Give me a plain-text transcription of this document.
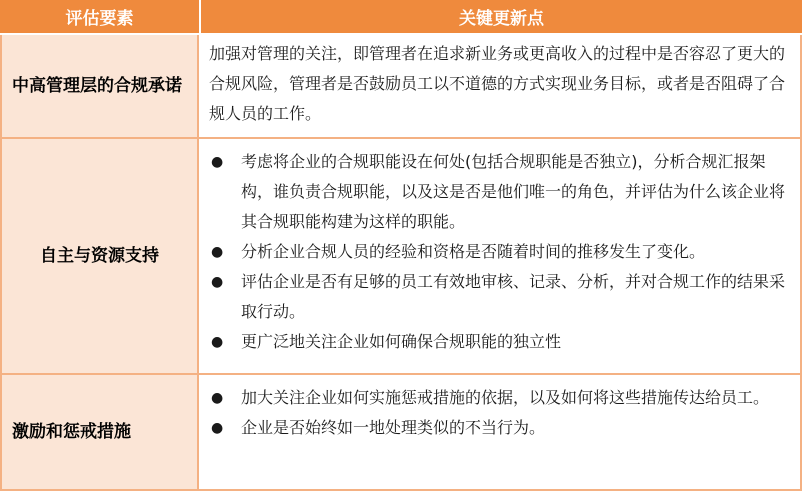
评估要素	关键更新点
中高管理层的合规承诺
加强对管理的关注，即管理者在追求新业务或更高收入的过程中是否容忍了更大的合规风险，管理者是否鼓励员工以不道德的方式实现业务目标，或者是否阻碍了合规人员的工作。
自主与资源支持
● 考虑将企业的合规职能设在何处(包括合规职能是否独立)，分析合规汇报架构，谁负责合规职能，以及这是否是他们唯一的角色，并评估为什么该企业将其合规职能构建为这样的职能。
● 分析企业合规人员的经验和资格是否随着时间的推移发生了变化。
● 评估企业是否有足够的员工有效地审核、记录、分析，并对合规工作的结果采取行动。
● 更广泛地关注企业如何确保合规职能的独立性
激励和惩戒措施
● 加大关注企业如何实施惩戒措施的依据，以及如何将这些措施传达给员工。
● 企业是否始终如一地处理类似的不当行为。
